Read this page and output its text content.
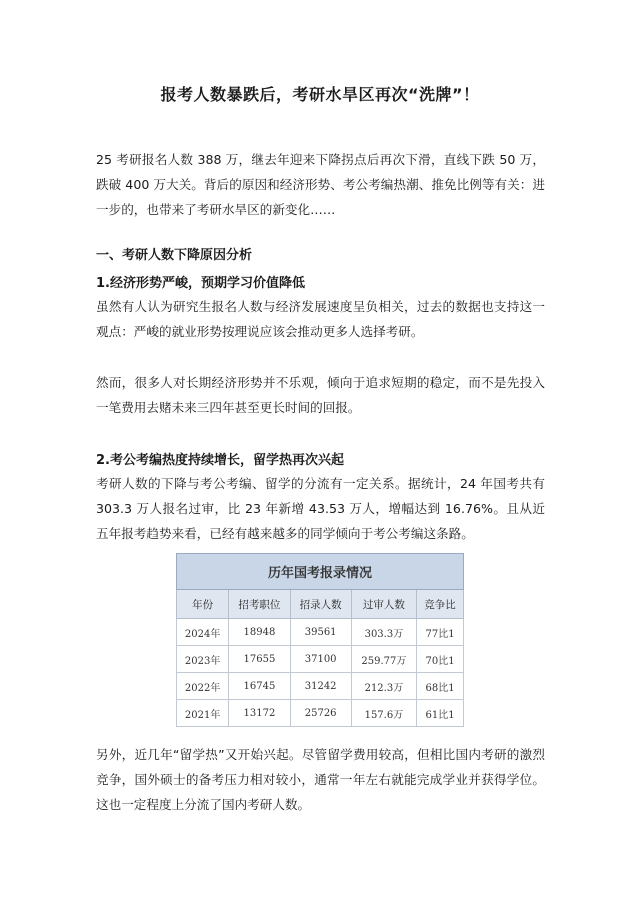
报考人数暴跌后，考研水旱区再次“洗牌”！

25 考研报名人数 388 万，继去年迎来下降拐点后再次下滑，直线下跌 50 万，跌破 400 万大关。背后的原因和经济形势、考公考编热潮、推免比例等有关：进一步的，也带来了考研水旱区的新变化……

一、考研人数下降原因分析

1.经济形势严峻，预期学习价值降低

虽然有人认为研究生报名人数与经济发展速度呈负相关，过去的数据也支持这一观点：严峻的就业形势按理说应该会推动更多人选择考研。

然而，很多人对长期经济形势并不乐观，倾向于追求短期的稳定，而不是先投入一笔费用去赌未来三四年甚至更长时间的回报。

2.考公考编热度持续增长，留学热再次兴起

考研人数的下降与考公考编、留学的分流有一定关系。据统计，24 年国考共有 303.3 万人报名过审，比 23 年新增 43.53 万人，增幅达到 16.76%。且从近五年报考趋势来看，已经有越来越多的同学倾向于考公考编这条路。

历年国考报录情况				
年份	招考职位	招录人数	过审人数	竞争比
2024年	18948	39561	303.3万	77比1
2023年	17655	37100	259.77万	70比1
2022年	16745	31242	212.3万	68比1
2021年	13172	25726	157.6万	61比1

另外，近几年“留学热”又开始兴起。尽管留学费用较高，但相比国内考研的激烈竞争，国外硕士的备考压力相对较小，通常一年左右就能完成学业并获得学位。这也一定程度上分流了国内考研人数。
